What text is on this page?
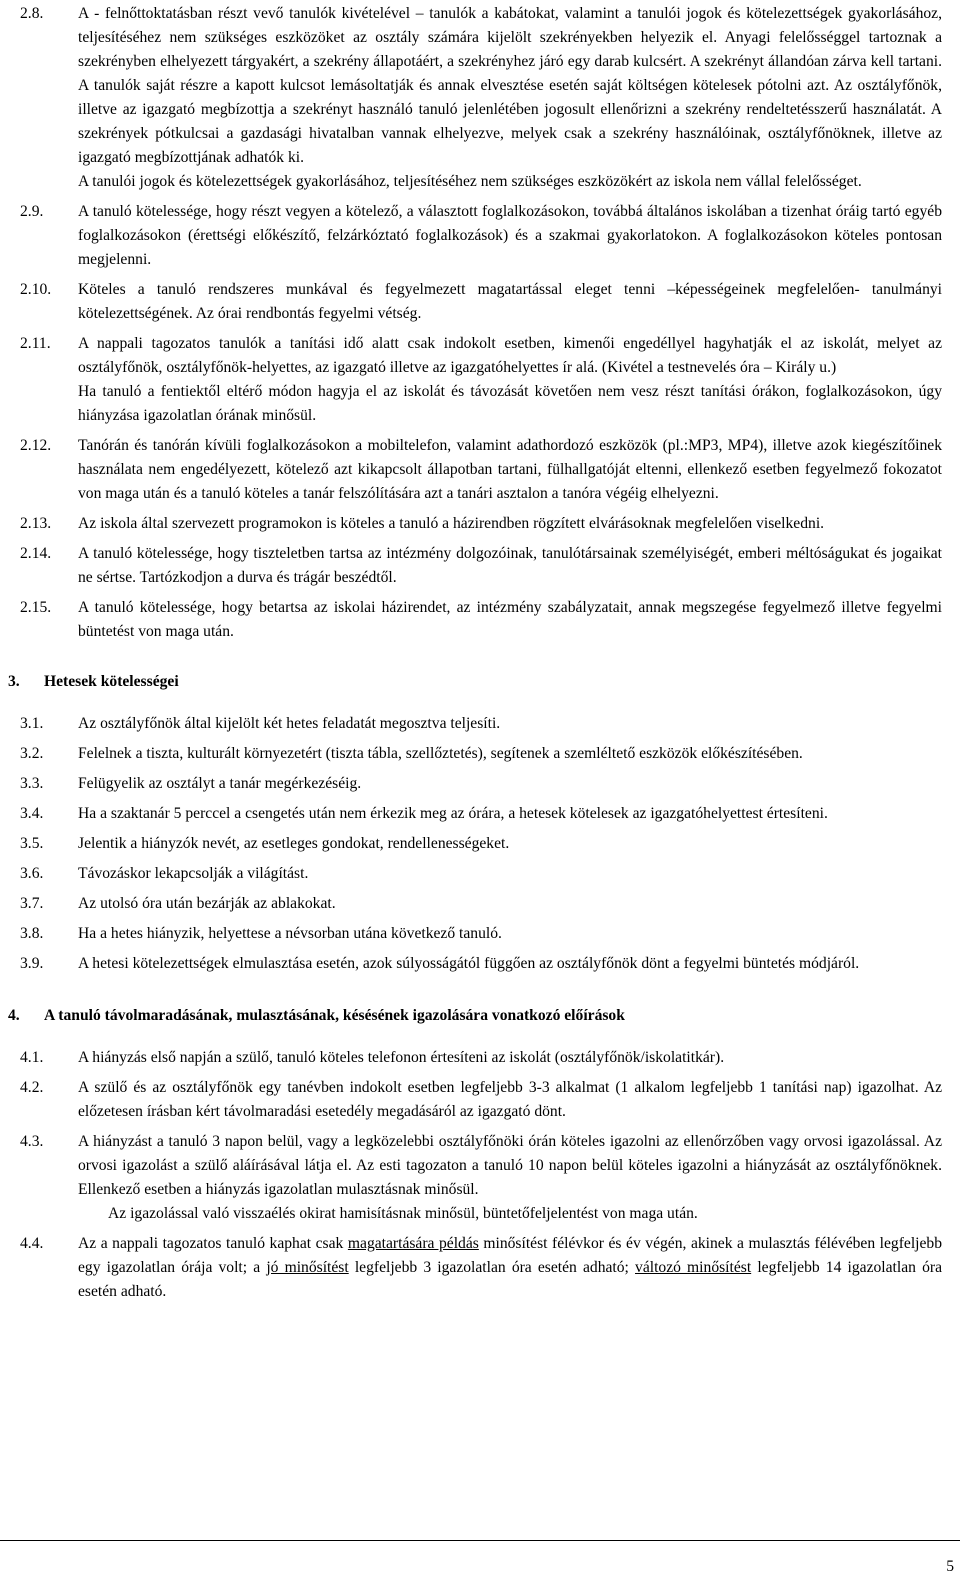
2.8. A - felnőttoktatásban részt vevő tanulók kivételével – tanulók a kabátokat, valamint a tanulói jogok és kötelezettségek gyakorlásához, teljesítéséhez nem szükséges eszközöket az osztály számára kijelölt szekrényekben helyezik el. Anyagi felelősséggel tartoznak a szekrényben elhelyezett tárgyakért, a szekrény állapotáért, a szekrényhez járó egy darab kulcsért. A szekrényt állandóan zárva kell tartani. A tanulók saját részre a kapott kulcsot lemásoltatják és annak elvesztése esetén saját költségen kötelesek pótolni azt. Az osztályfőnök, illetve az igazgató megbízottja a szekrényt használó tanuló jelenlétében jogosult ellenőrizni a szekrény rendeltetésszerű használatát. A szekrények pótkulcsai a gazdasági hivatalban vannak elhelyezve, melyek csak a szekrény használóinak, osztályfőnöknek, illetve az igazgató megbízottjának adhatók ki.

A tanulói jogok és kötelezettségek gyakorlásához, teljesítéséhez nem szükséges eszközökért az iskola nem vállal felelősséget.

2.9. A tanuló kötelessége, hogy részt vegyen a kötelező, a választott foglalkozásokon, továbbá általános iskolában a tizenhat óráig tartó egyéb foglalkozásokon (érettségi előkészítő, felzárkóztató foglalkozások) és a szakmai gyakorlatokon. A foglalkozásokon köteles pontosan megjelenni.
2.10. Köteles a tanuló rendszeres munkával és fegyelmezett magatartással eleget tenni –képességeinek megfelelően- tanulmányi kötelezettségének. Az órai rendbontás fegyelmi vétség.
2.11. A nappali tagozatos tanulók a tanítási idő alatt csak indokolt esetben, kimenői engedéllyel hagyhatják el az iskolát, melyet az osztályfőnök, osztályfőnök-helyettes, az igazgató illetve az igazgatóhelyettes ír alá. (Kivétel a testnevelés óra – Király u.)

Ha tanuló a fentiektől eltérő módon hagyja el az iskolát és távozását követően nem vesz részt tanítási órákon, foglalkozásokon, úgy hiányzása igazolatlan órának minősül.

2.12. Tanórán és tanórán kívüli foglalkozásokon a mobiltelefon, valamint adathordozó eszközök (pl.:MP3, MP4), illetve azok kiegészítőinek használata nem engedélyezett, kötelező azt kikapcsolt állapotban tartani, fülhallgatóját eltenni, ellenkező esetben fegyelmező fokozatot von maga után és a tanuló köteles a tanár felszólítására azt a tanári asztalon a tanóra végéig elhelyezni.
2.13. Az iskola által szervezett programokon is köteles a tanuló a házirendben rögzített elvárásoknak megfelelően viselkedni.
2.14. A tanuló kötelessége, hogy tiszteletben tartsa az intézmény dolgozóinak, tanulótársainak személyiségét, emberi méltóságukat és jogaikat ne sértse. Tartózkodjon a durva és trágár beszédtől.
2.15. A tanuló kötelessége, hogy betartsa az iskolai házirendet, az intézmény szabályzatait, annak megszegése fegyelmező illetve fegyelmi büntetést von maga után.
3. Hetesek kötelességei
3.1. Az osztályfőnök által kijelölt két hetes feladatát megosztva teljesíti.
3.2. Felelnek a tiszta, kulturált környezetért (tiszta tábla, szellőztetés), segítenek a szemléltető eszközök előkészítésében.
3.3. Felügyelik az osztályt a tanár megérkezéséig.
3.4. Ha a szaktanár 5 perccel a csengetés után nem érkezik meg az órára, a hetesek kötelesek az igazgatóhelyettest értesíteni.
3.5. Jelentik a hiányzók nevét, az esetleges gondokat, rendellenességeket.
3.6. Távozáskor lekapcsolják a világítást.
3.7. Az utolsó óra után bezárják az ablakokat.
3.8. Ha a hetes hiányzik, helyettese a névsorban utána következő tanuló.
3.9. A hetesi kötelezettségek elmulasztása esetén, azok súlyosságától függően az osztályfőnök dönt a fegyelmi büntetés módjáról.
4. A tanuló távolmaradásának, mulasztásának, késésének igazolására vonatkozó előírások
4.1. A hiányzás első napján a szülő, tanuló köteles telefonon értesíteni az iskolát (osztályfőnök/iskolatitkár).
4.2. A szülő és az osztályfőnök egy tanévben indokolt esetben legfeljebb 3-3 alkalmat (1 alkalom legfeljebb 1 tanítási nap) igazolhat. Az előzetesen írásban kért távolmaradási esetedély megadásáról az igazgató dönt.
4.3. A hiányzást a tanuló 3 napon belül, vagy a legközelebbi osztályfőnöki órán köteles igazolni az ellenőrzőben vagy orvosi igazolással. Az orvosi igazolást a szülő aláírásával látja el. Az esti tagozaton a tanuló 10 napon belül köteles igazolni a hiányzását az osztályfőnöknek. Ellenkező esetben a hiányzás igazolatlan mulasztásnak minősül.
Az igazolással való visszaélés okirat hamisításnak minősül, büntetőfeljelentést von maga után.
4.4. Az a nappali tagozatos tanuló kaphat csak magatartására példás minősítést félévkor és év végén, akinek a mulasztás félévében legfeljebb egy igazolatlan órája volt; a jó minősítést legfeljebb 3 igazolatlan óra esetén adható; változó minősítést legfeljebb 14 igazolatlan óra esetén adható.
5
